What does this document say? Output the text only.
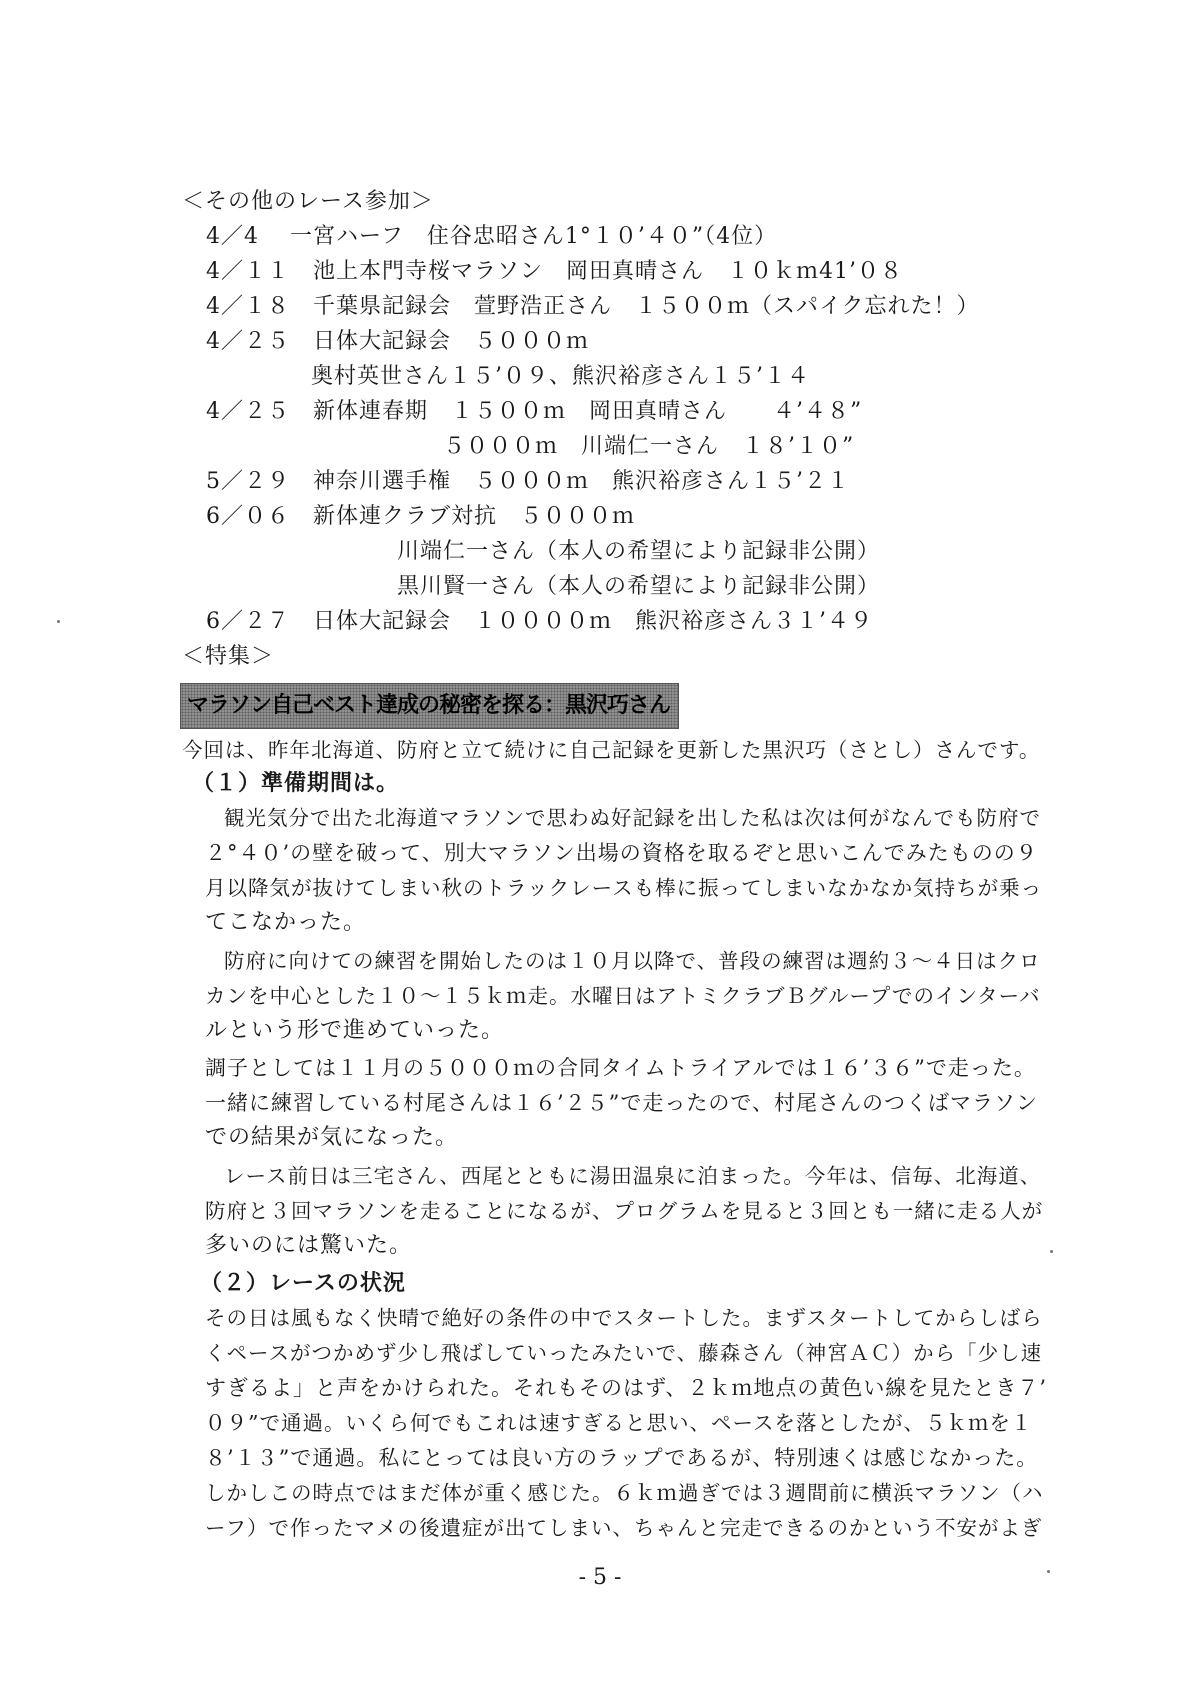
＜その他のレース参加＞
4／4　 一宮ハーフ　住谷忠昭さん1°１０’４０”（4位）
4／１１　池上本門寺桜マラソン　岡田真晴さん　１０ｋｍ41’０８
4／１８　千葉県記録会　萱野浩正さん　１５００ｍ（スパイク忘れた！）
4／２５　日体大記録会　５０００ｍ
奥村英世さん１５’０９、熊沢裕彦さん１５’１４
4／２５　新体連春期　１５００ｍ　岡田真晴さん　　４’４８”
５０００ｍ　川端仁一さん　１８’１０”
5／２９　神奈川選手権　５０００ｍ　熊沢裕彦さん１５’２１
6／０６　新体連クラブ対抗　５０００ｍ
川端仁一さん（本人の希望により記録非公開）
黒川賢一さん（本人の希望により記録非公開）
6／２７　日体大記録会　１００００ｍ　熊沢裕彦さん３１’４９
＜特集＞
マラソン自己ベスト達成の秘密を探る：黒沢巧さん
今回は、昨年北海道、防府と立て続けに自己記録を更新した黒沢巧（さとし）さんです。
（１）準備期間は。
観光気分で出た北海道マラソンで思わぬ好記録を出した私は次は何がなんでも防府で
２°４０’の壁を破って、別大マラソン出場の資格を取るぞと思いこんでみたものの９
月以降気が抜けてしまい秋のトラックレースも棒に振ってしまいなかなか気持ちが乗っ
てこなかった。
防府に向けての練習を開始したのは１０月以降で、普段の練習は週約３～４日はクロ
カンを中心とした１０～１５ｋｍ走。水曜日はアトミクラブＢグループでのインターバ
ルという形で進めていった。
調子としては１１月の５０００ｍの合同タイムトライアルでは１６’３６”で走った。
一緒に練習している村尾さんは１６’２５”で走ったので、村尾さんのつくばマラソン
での結果が気になった。
レース前日は三宅さん、西尾とともに湯田温泉に泊まった。今年は、信毎、北海道、
防府と３回マラソンを走ることになるが、プログラムを見ると３回とも一緒に走る人が
多いのには驚いた。
（２）レースの状況
その日は風もなく快晴で絶好の条件の中でスタートした。まずスタートしてからしばら
くペースがつかめず少し飛ばしていったみたいで、藤森さん（神宮ＡＣ）から「少し速
すぎるよ」と声をかけられた。それもそのはず、２ｋｍ地点の黄色い線を見たとき７’
０９”で通過。いくら何でもこれは速すぎると思い、ペースを落としたが、５ｋｍを１
８’１３”で通過。私にとっては良い方のラップであるが、特別速くは感じなかった。
しかしこの時点ではまだ体が重く感じた。６ｋｍ過ぎでは３週間前に横浜マラソン（ハ
ーフ）で作ったマメの後遺症が出てしまい、ちゃんと完走できるのかという不安がよぎ
- 5 -
